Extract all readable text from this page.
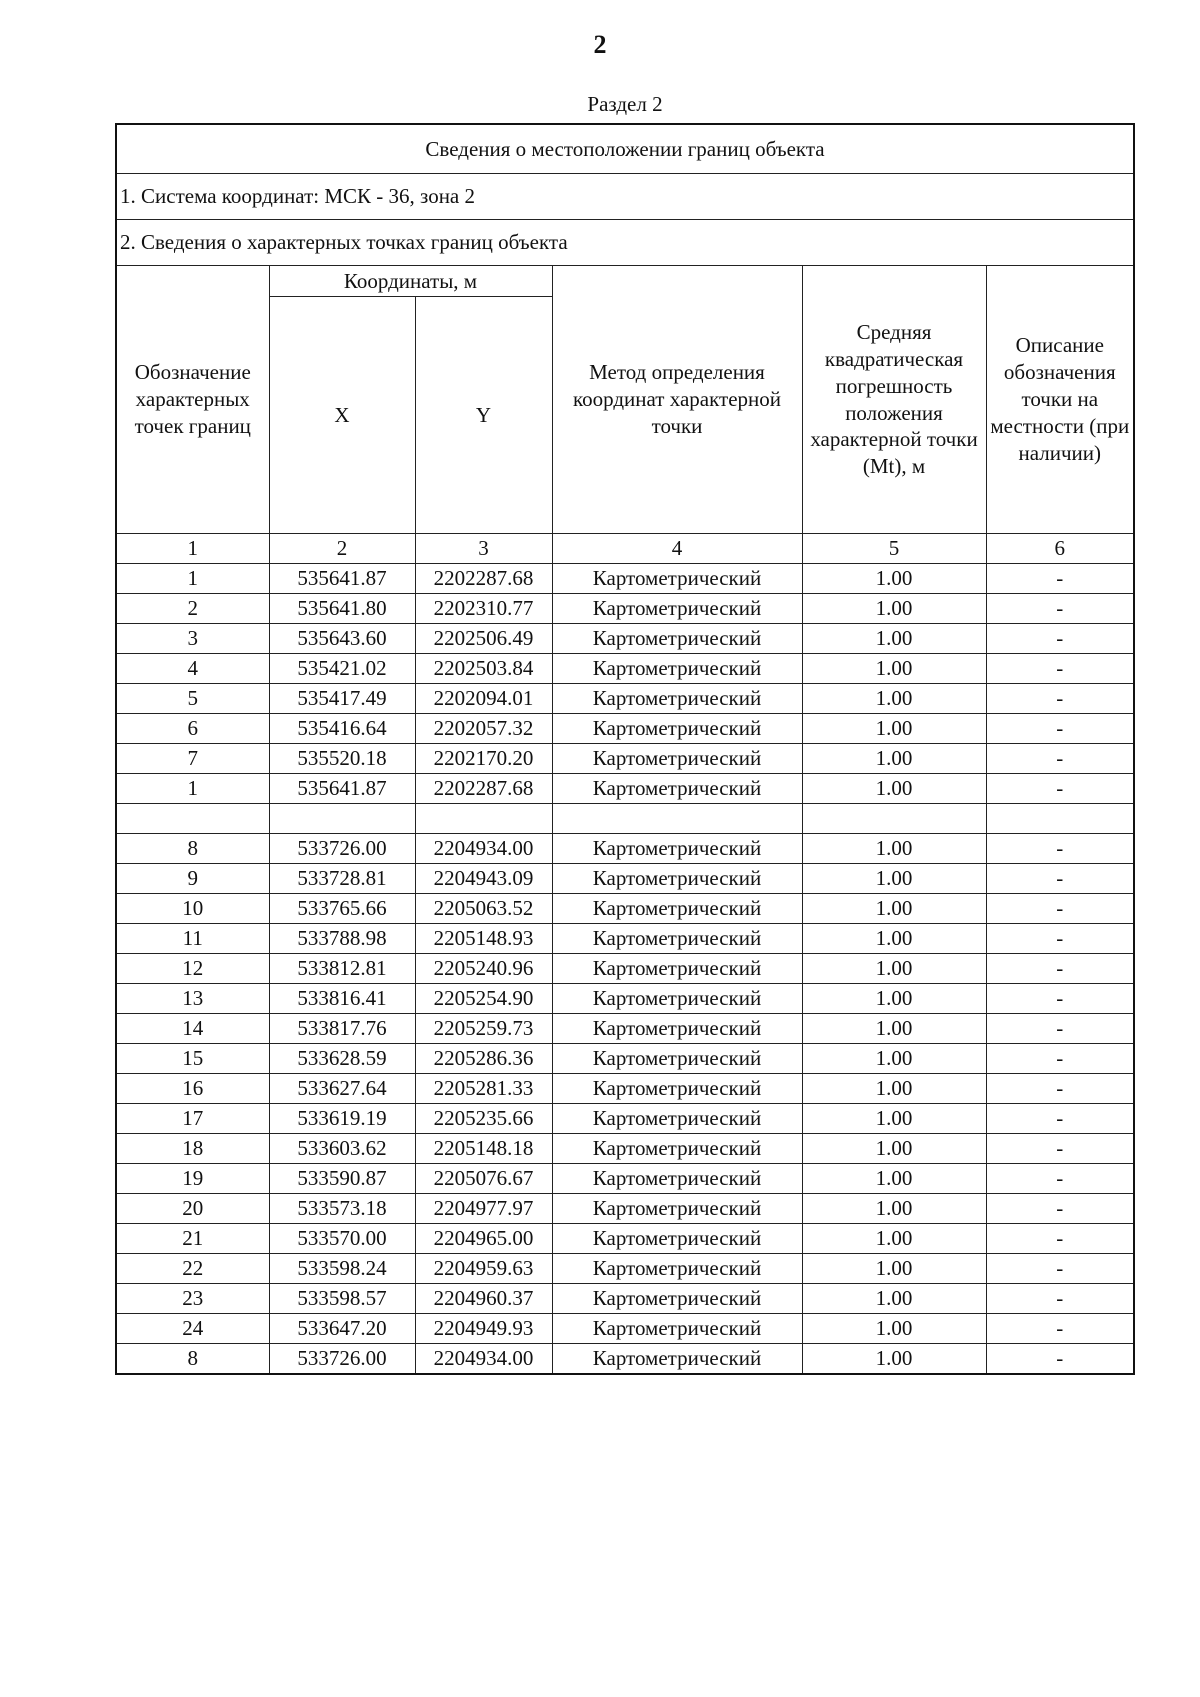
2
Раздел 2
Сведения о местоположении границ объекта					
1. Система координат: МСК - 36, зона 2					
2. Сведения о характерных точках границ объекта					
Обозначение характерных точек границ	Координаты, м		Метод определения координат характерной точки	Средняя квадратическая погрешность положения характерной точки (Mt), м	Описание обозначения точки на местности (при наличии)
	X	Y			
1	2	3	4	5	6
1	535641.87	2202287.68	Картометрический	1.00	-
2	535641.80	2202310.77	Картометрический	1.00	-
3	535643.60	2202506.49	Картометрический	1.00	-
4	535421.02	2202503.84	Картометрический	1.00	-
5	535417.49	2202094.01	Картометрический	1.00	-
6	535416.64	2202057.32	Картометрический	1.00	-
7	535520.18	2202170.20	Картометрический	1.00	-
1	535641.87	2202287.68	Картометрический	1.00	-

8	533726.00	2204934.00	Картометрический	1.00	-
9	533728.81	2204943.09	Картометрический	1.00	-
10	533765.66	2205063.52	Картометрический	1.00	-
11	533788.98	2205148.93	Картометрический	1.00	-
12	533812.81	2205240.96	Картометрический	1.00	-
13	533816.41	2205254.90	Картометрический	1.00	-
14	533817.76	2205259.73	Картометрический	1.00	-
15	533628.59	2205286.36	Картометрический	1.00	-
16	533627.64	2205281.33	Картометрический	1.00	-
17	533619.19	2205235.66	Картометрический	1.00	-
18	533603.62	2205148.18	Картометрический	1.00	-
19	533590.87	2205076.67	Картометрический	1.00	-
20	533573.18	2204977.97	Картометрический	1.00	-
21	533570.00	2204965.00	Картометрический	1.00	-
22	533598.24	2204959.63	Картометрический	1.00	-
23	533598.57	2204960.37	Картометрический	1.00	-
24	533647.20	2204949.93	Картометрический	1.00	-
8	533726.00	2204934.00	Картометрический	1.00	-
